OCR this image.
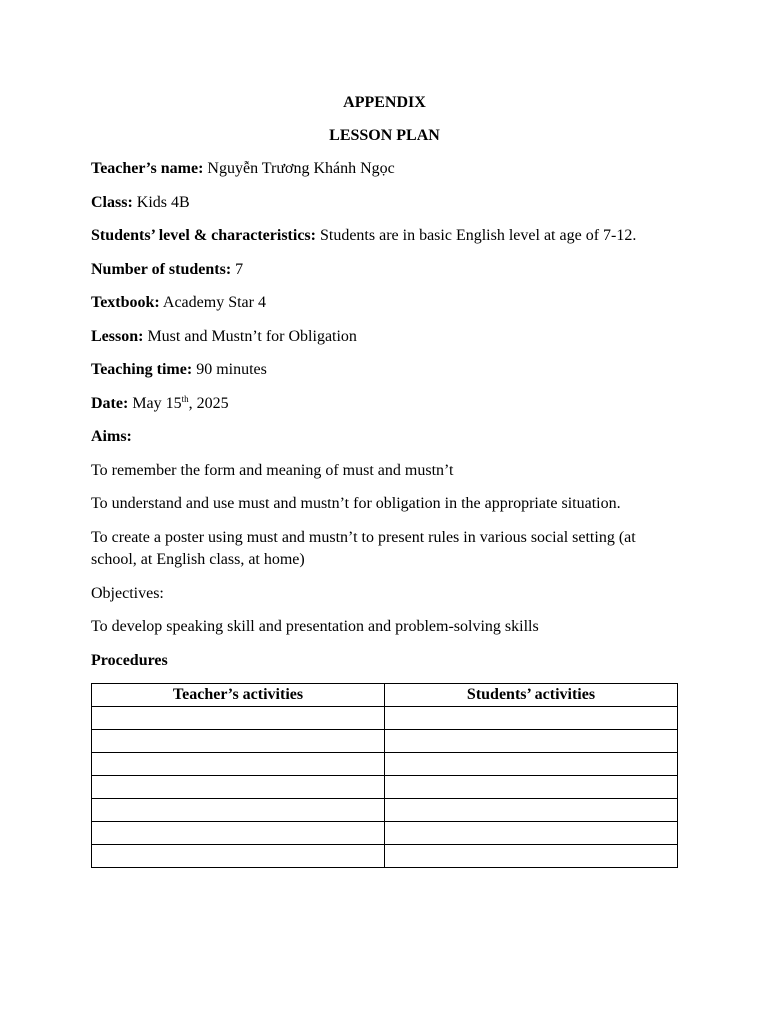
APPENDIX
LESSON PLAN

Teacher’s name: Nguyễn Trương Khánh Ngọc

Class: Kids 4B

Students’ level & characteristics: Students are in basic English level at age of 7-12.

Number of students: 7

Textbook: Academy Star 4

Lesson: Must and Mustn’t for Obligation

Teaching time: 90 minutes

Date: May 15th, 2025

Aims:

To remember the form and meaning of must and mustn’t

To understand and use must and mustn’t for obligation in the appropriate situation.

To create a poster using must and mustn’t to present rules in various social setting (at school, at English class, at home)

Objectives:

To develop speaking skill and presentation and problem-solving skills

Procedures

Teacher’s activities	Students’ activities
